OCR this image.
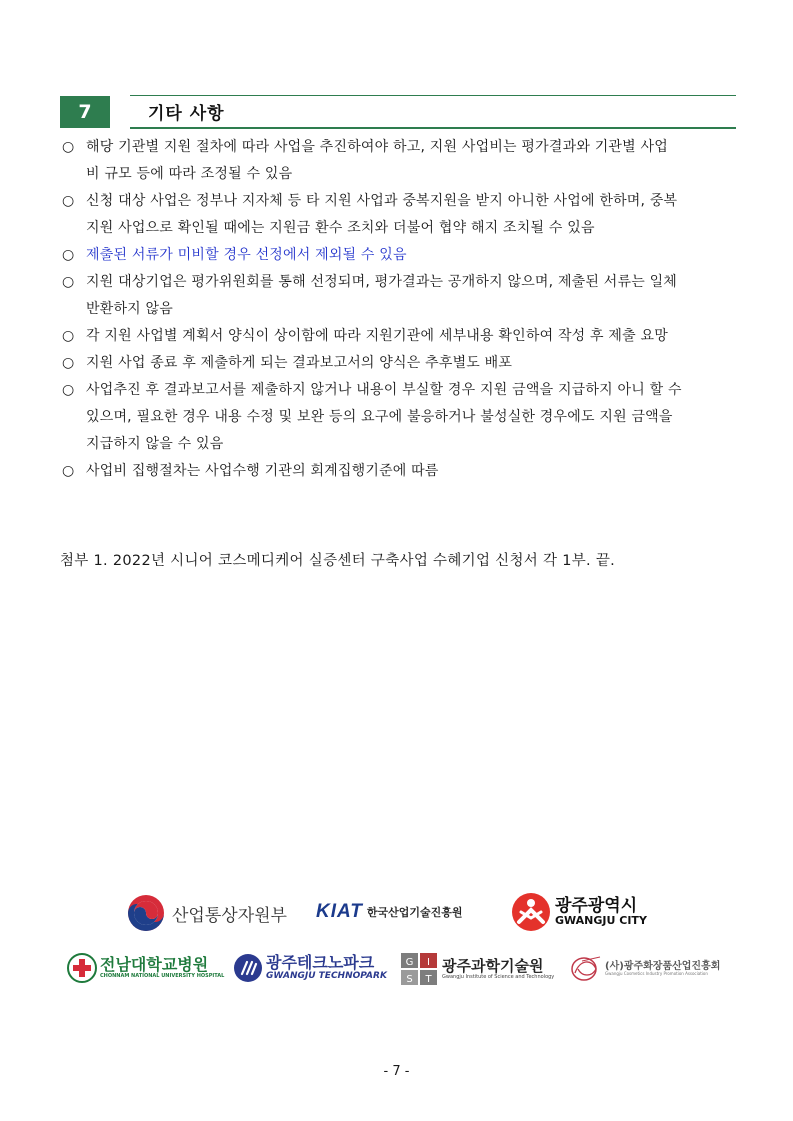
7	기타 사항
○ 해당 기관별 지원 절차에 따라 사업을 추진하여야 하고, 지원 사업비는 평가결과와 기관별 사업
비 규모 등에 따라 조정될 수 있음
○ 신청 대상 사업은 정부나 지자체 등 타 지원 사업과 중복지원을 받지 아니한 사업에 한하며, 중복
지원 사업으로 확인될 때에는 지원금 환수 조치와 더불어 협약 해지 조치될 수 있음
○ 제출된 서류가 미비할 경우 선정에서 제외될 수 있음
○ 지원 대상기업은 평가위원회를 통해 선정되며, 평가결과는 공개하지 않으며, 제출된 서류는 일체
반환하지 않음
○ 각 지원 사업별 계획서 양식이 상이함에 따라 지원기관에 세부내용 확인하여 작성 후 제출 요망
○ 지원 사업 종료 후 제출하게 되는 결과보고서의 양식은 추후별도 배포
○ 사업추진 후 결과보고서를 제출하지 않거나 내용이 부실할 경우 지원 금액을 지급하지 아니 할 수
있으며, 필요한 경우 내용 수정 및 보완 등의 요구에 불응하거나 불성실한 경우에도 지원 금액을
지급하지 않을 수 있음
○ 사업비 집행절차는 사업수행 기관의 회계집행기준에 따름
첨부 1. 2022년 시니어 코스메디케어 실증센터 구축사업 수혜기업 신청서 각 1부. 끝.
산업통상자원부 KIAT 한국산업기술진흥원	광주광역시
GWANGJU CITY
전남대학교병원
CHONNAM NATIONAL UNIVERSITY HOSPITAL
광주테크노파크
GWANGJU TECHNOPARK
G I
S T
광주과학기술원
Gwangju Institute of Science and Technology
(사)광주화장품산업진흥회
Gwangju Cosmetics Industry Promotion Association
- 7 -
